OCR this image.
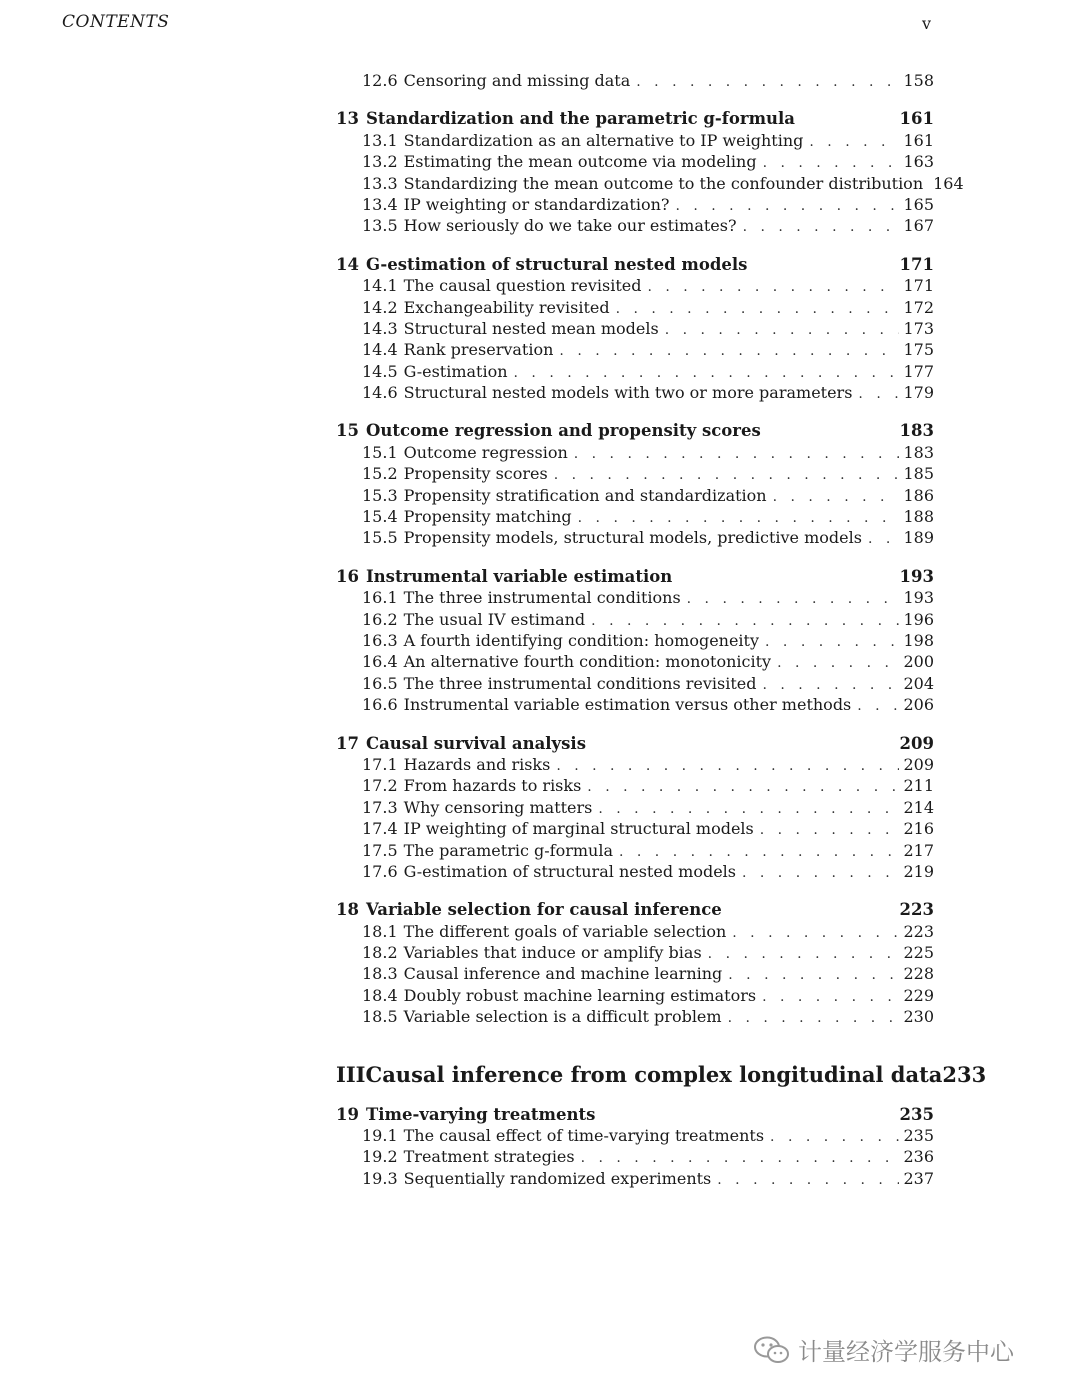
CONTENTS	v
12.6 Censoring and missing data . . .	158
13 Standardization and the parametric g-formula	161
13.1 Standardization as an alternative to IP weighting . . .	161
13.2 Estimating the mean outcome via modeling . . .	163
13.3 Standardizing the mean outcome to the confounder distribution 164
13.4 IP weighting or standardization? . . .	165
13.5 How seriously do we take our estimates? . . .	167
14 G-estimation of structural nested models	171
14.1 The causal question revisited . . .	171
14.2 Exchangeability revisited . . .	172
14.3 Structural nested mean models . . .	173
14.4 Rank preservation . . .	175
14.5 G-estimation . . .	177
14.6 Structural nested models with two or more parameters . . .	179
15 Outcome regression and propensity scores	183
15.1 Outcome regression . . .	183
15.2 Propensity scores . . .	185
15.3 Propensity stratification and standardization . . .	186
15.4 Propensity matching . . .	188
15.5 Propensity models, structural models, predictive models . . .	189
16 Instrumental variable estimation	193
16.1 The three instrumental conditions . . .	193
16.2 The usual IV estimand . . .	196
16.3 A fourth identifying condition: homogeneity . . .	198
16.4 An alternative fourth condition: monotonicity . . .	200
16.5 The three instrumental conditions revisited . . .	204
16.6 Instrumental variable estimation versus other methods . . .	206
17 Causal survival analysis	209
17.1 Hazards and risks . . .	209
17.2 From hazards to risks . . .	211
17.3 Why censoring matters . . .	214
17.4 IP weighting of marginal structural models . . .	216
17.5 The parametric g-formula . . .	217
17.6 G-estimation of structural nested models . . .	219
18 Variable selection for causal inference	223
18.1 The different goals of variable selection . . .	223
18.2 Variables that induce or amplify bias . . .	225
18.3 Causal inference and machine learning . . .	228
18.4 Doubly robust machine learning estimators . . .	229
18.5 Variable selection is a difficult problem . . .	230
III Causal inference from complex longitudinal data 233
19 Time-varying treatments	235
19.1 The causal effect of time-varying treatments . . .	235
19.2 Treatment strategies . . .	236
19.3 Sequentially randomized experiments . . .	237
计量经济学服务中心
